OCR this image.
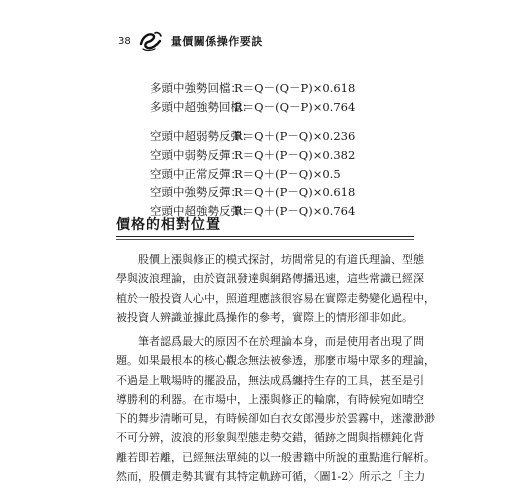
38	量價關係操作要訣
多頭中強勢回檔：
R＝Q－(Q－P)×0.618
多頭中超強勢回檔：
R＝Q－(Q－P)×0.764
空頭中超弱勢反彈：
R＝Q＋(P－Q)×0.236
空頭中弱勢反彈：
R＝Q＋(P－Q)×0.382
空頭中正常反彈：
R＝Q＋(P－Q)×0.5
空頭中強勢反彈：
R＝Q＋(P－Q)×0.618
空頭中超強勢反彈：
R＝Q＋(P－Q)×0.764
價格的相對位置
　　股價上漲與修正的模式探討，坊間常見的有道氏理論、型態
學與波浪理論，由於資訊發達與網路傳播迅速，這些常識已經深
植於一般投資人心中，照道理應該很容易在實際走勢變化過程中，
被投資人辨識並據此爲操作的參考，實際上的情形卻非如此。
　　筆者認爲最大的原因不在於理論本身，而是使用者出現了問
題。如果最根本的核心觀念無法被參透，那麼市場中眾多的理論，
不過是上戰場時的擺設品，無法成爲纏持生存的工具，甚至是引
導勝利的利器。在市場中，上漲與修正的輪廓，有時候宛如晴空
下的舞步清晰可見，有時候卻如白衣女郎漫步於雲霧中，迷濛渺渺
不可分辨，波浪的形象與型態走勢交錯，循跡之間與指標鈍化背
離若即若離，已經無法單純的以一般書籍中所說的重點進行解析。
然而，股價走勢其實有其特定軌跡可循，〈圖1-2〉所示之「主力
